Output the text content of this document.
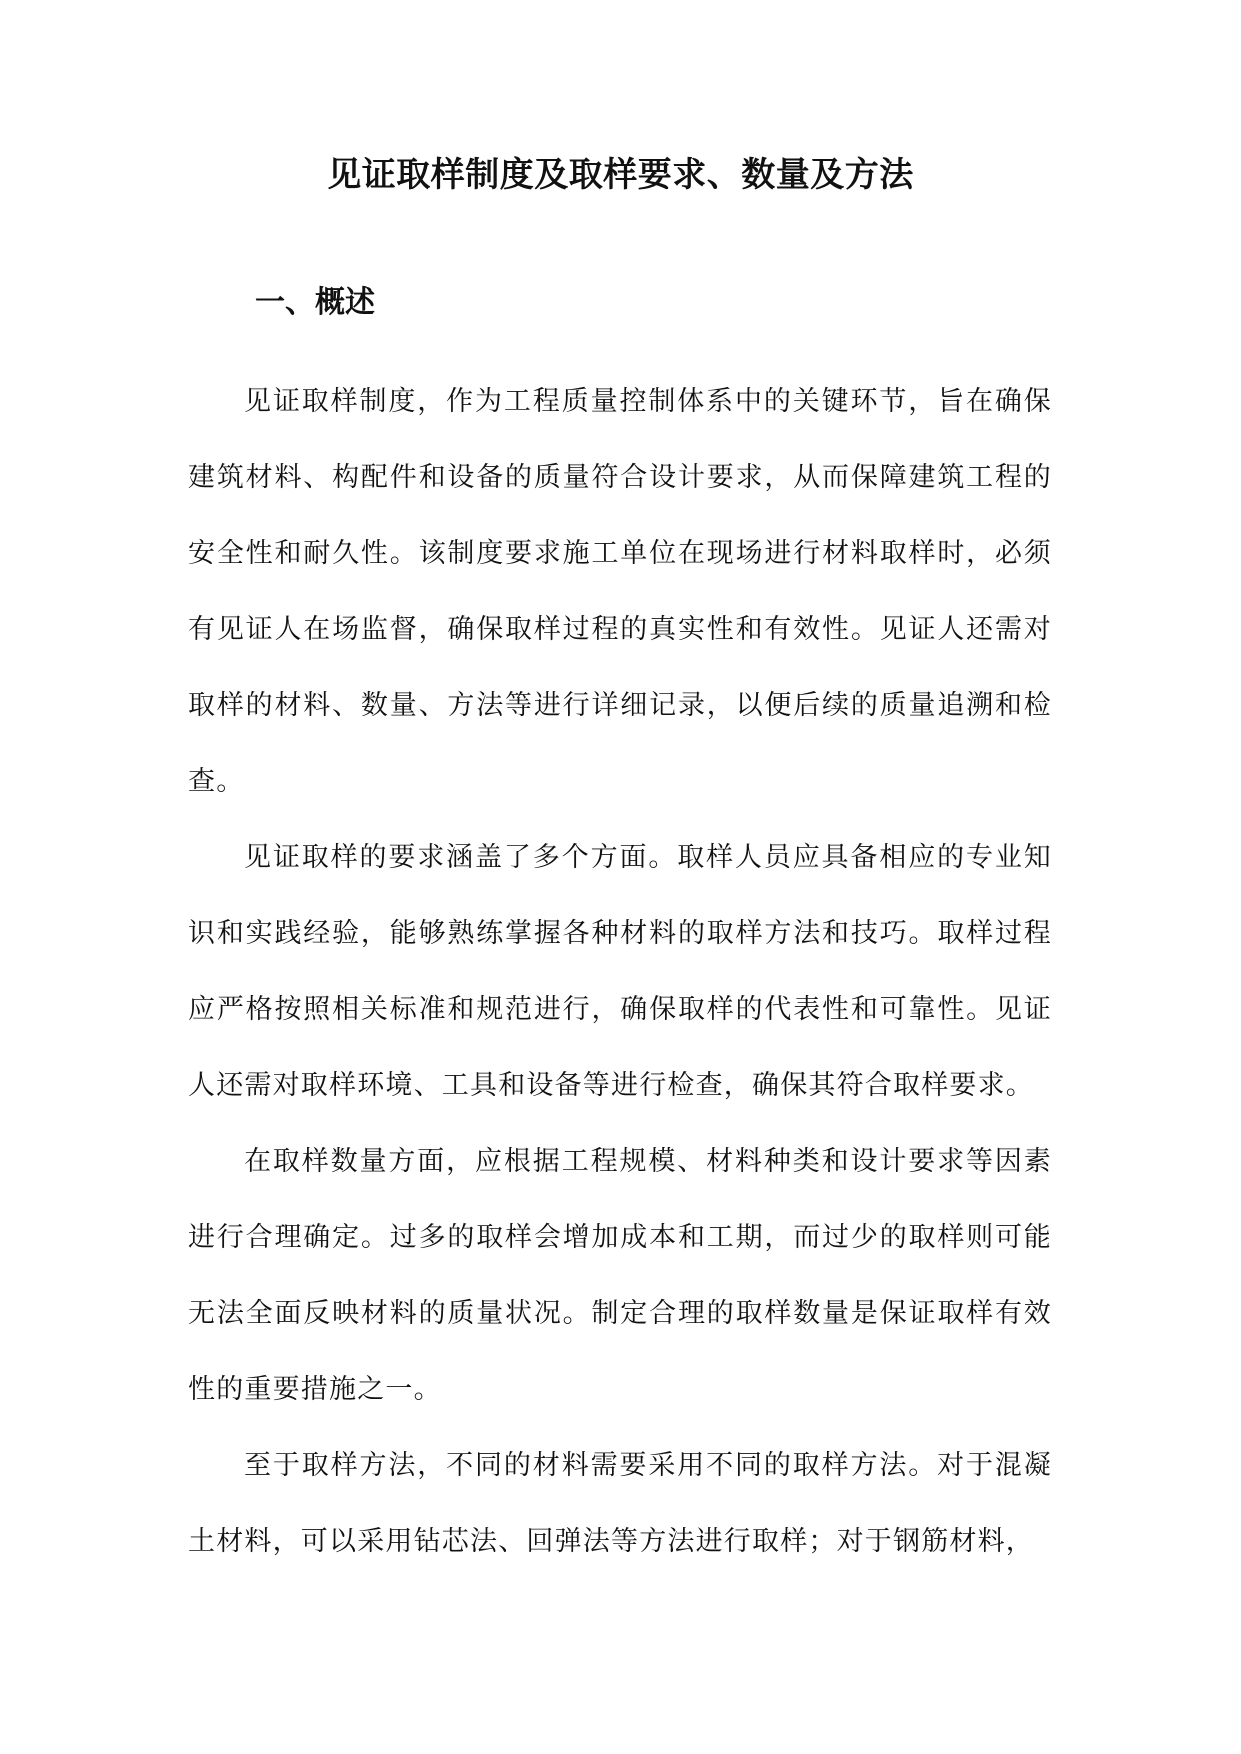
见证取样制度及取样要求、数量及方法
一、概述

见证取样制度，作为工程质量控制体系中的关键环节，旨在确保建筑材料、构配件和设备的质量符合设计要求，从而保障建筑工程的安全性和耐久性。该制度要求施工单位在现场进行材料取样时，必须有见证人在场监督，确保取样过程的真实性和有效性。见证人还需对取样的材料、数量、方法等进行详细记录，以便后续的质量追溯和检查。

见证取样的要求涵盖了多个方面。取样人员应具备相应的专业知识和实践经验，能够熟练掌握各种材料的取样方法和技巧。取样过程应严格按照相关标准和规范进行，确保取样的代表性和可靠性。见证人还需对取样环境、工具和设备等进行检查，确保其符合取样要求。

在取样数量方面，应根据工程规模、材料种类和设计要求等因素进行合理确定。过多的取样会增加成本和工期，而过少的取样则可能无法全面反映材料的质量状况。制定合理的取样数量是保证取样有效性的重要措施之一。

至于取样方法，不同的材料需要采用不同的取样方法。对于混凝土材料，可以采用钻芯法、回弹法等方法进行取样；对于钢筋材料，
